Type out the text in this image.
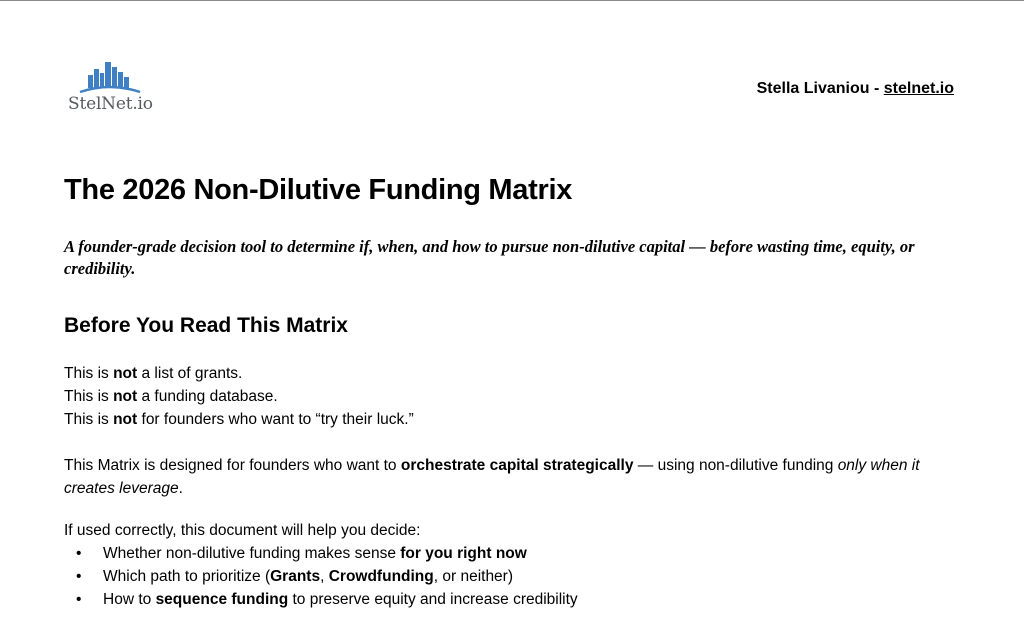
StelNet.io
Stella Livaniou - stelnet.io
The 2026 Non-Dilutive Funding Matrix

A founder-grade decision tool to determine if, when, and how to pursue non-dilutive capital — before wasting time, equity, or credibility.

Before You Read This Matrix
This is not a list of grants.
This is not a funding database.
This is not for founders who want to “try their luck.”

This Matrix is designed for founders who want to orchestrate capital strategically — using non-dilutive funding only when it creates leverage.

If used correctly, this document will help you decide:

• Whether non-dilutive funding makes sense for you right now
• Which path to prioritize (Grants, Crowdfunding, or neither)
• How to sequence funding to preserve equity and increase credibility
